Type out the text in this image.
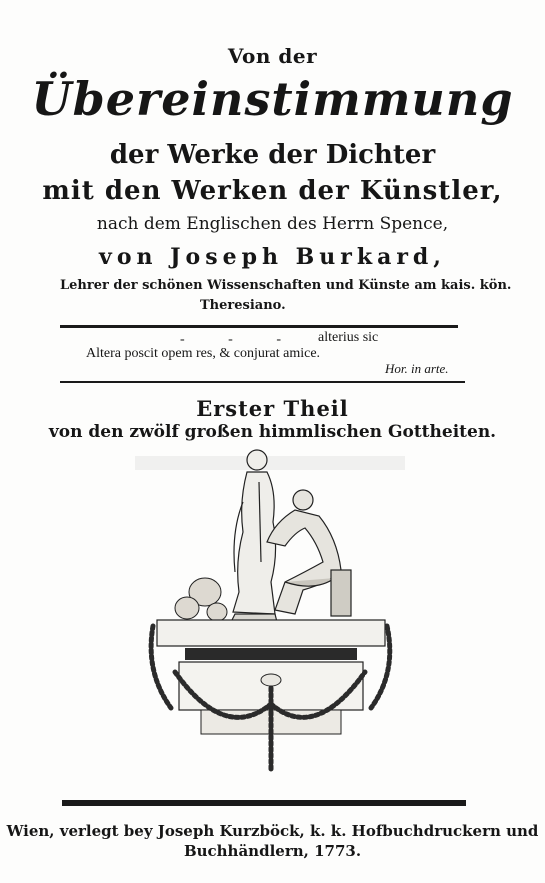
Von der
Übereinstimmung
der Werke der Dichter
mit den Werken der Künstler,
nach dem Englischen des Herrn Spence,
von Joseph Burkard,
Lehrer der schönen Wissenschaften und Künste am kais. kön.
Theresiano.
- - - alterius sic
Altera poscit opem res, & conjurat amice.
Hor. in arte.
Erster Theil
von den zwölf großen himmlischen Gottheiten.
Wien, verlegt bey Joseph Kurzböck, k. k. Hofbuchdruckern und
Buchhändlern, 1773.
